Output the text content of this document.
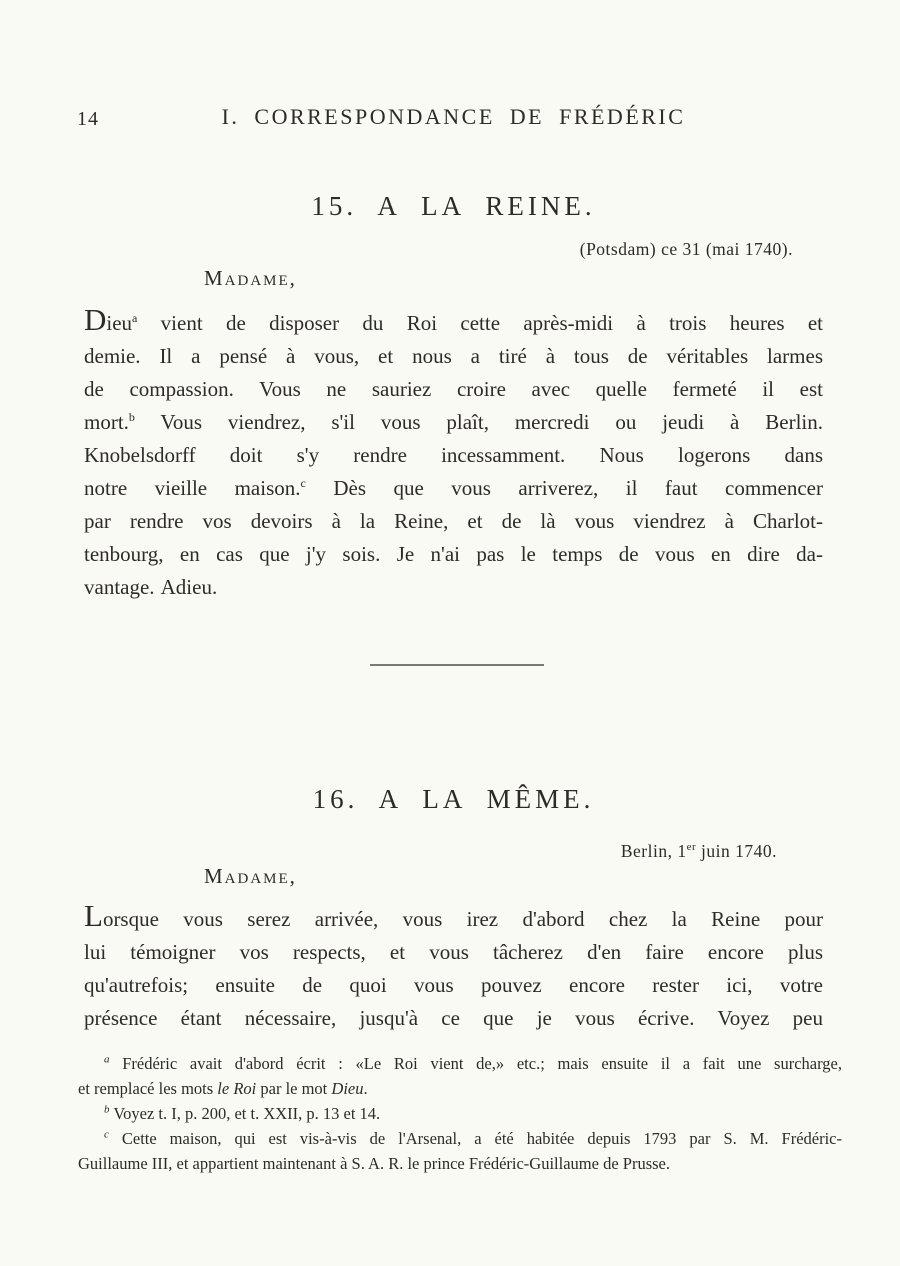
14	I. CORRESPONDANCE DE FRÉDÉRIC
15. A LA REINE.
(Potsdam) ce 31 (mai 1740).
Madame,
Dieu$^a$ vient de disposer du Roi cette après-midi à trois heures et
demie. Il a pensé à vous, et nous a tiré à tous de véritables larmes
de compassion. Vous ne sauriez croire avec quelle fermeté il est
mort.$^b$ Vous viendrez, s'il vous plaît, mercredi ou jeudi à Berlin.
Knobelsdorff doit s'y rendre incessamment. Nous logerons dans
notre vieille maison.$^c$ Dès que vous arriverez, il faut commencer
par rendre vos devoirs à la Reine, et de là vous viendrez à Charlot-
tenbourg, en cas que j'y sois. Je n'ai pas le temps de vous en dire da-
vantage. Adieu.
16. A LA MÊME.
Berlin, 1er juin 1740.
Madame,
Lorsque vous serez arrivée, vous irez d'abord chez la Reine pour
lui témoigner vos respects, et vous tâcherez d'en faire encore plus
qu'autrefois; ensuite de quoi vous pouvez encore rester ici, votre
présence étant nécessaire, jusqu'à ce que je vous écrive. Voyez peu
$^a$ Frédéric avait d'abord écrit : «Le Roi vient de,» etc.; mais ensuite il a fait une surcharge,
et remplacé les mots le Roi par le mot Dieu.
$^b$ Voyez t. I, p. 200, et t. XXII, p. 13 et 14.
$^c$ Cette maison, qui est vis-à-vis de l'Arsenal, a été habitée depuis 1793 par S. M. Frédéric-
Guillaume III, et appartient maintenant à S. A. R. le prince Frédéric-Guillaume de Prusse.
